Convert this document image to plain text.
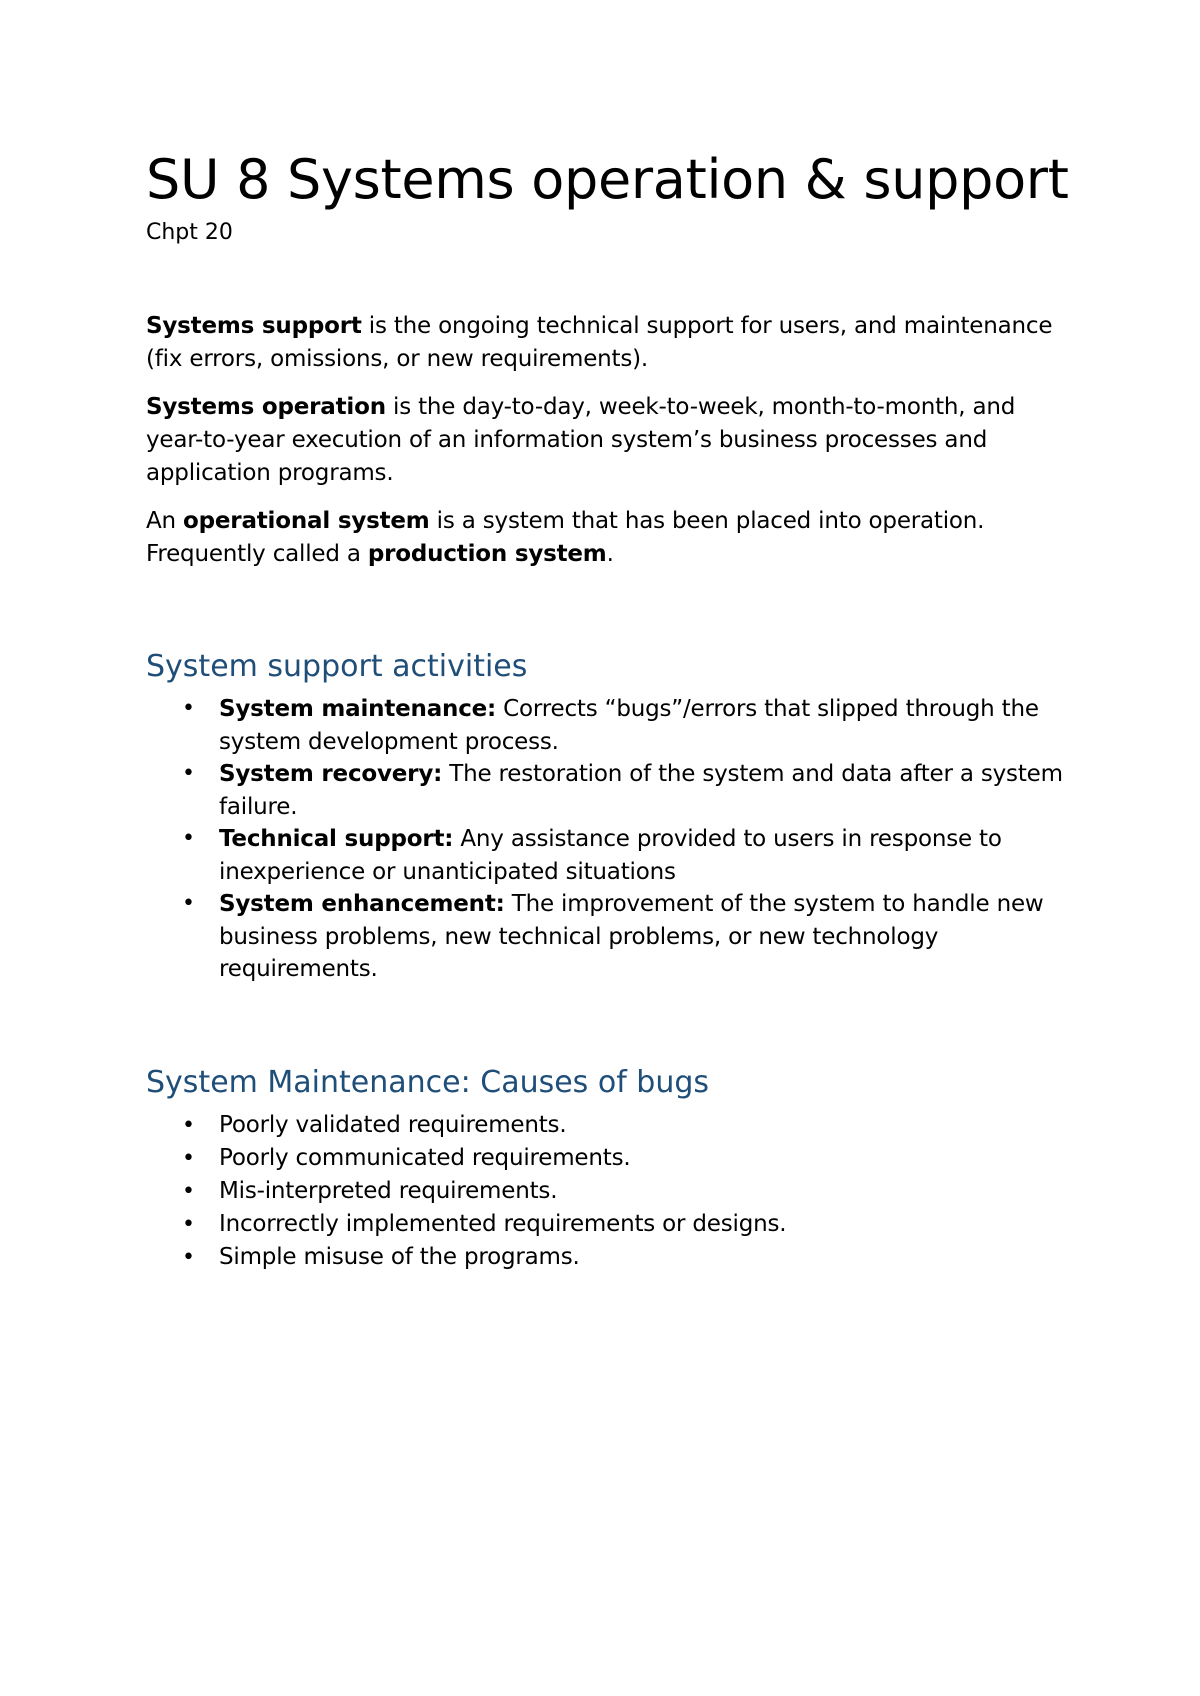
SU 8 Systems operation & support
Chpt 20

Systems support is the ongoing technical support for users, and maintenance (fix errors, omissions, or new requirements).

Systems operation is the day-to-day, week-to-week, month-to-month, and year-to-year execution of an information system’s business processes and application programs.

An operational system is a system that has been placed into operation. Frequently called a production system.

System support activities
• System maintenance: Corrects “bugs”/errors that slipped through the system development process.
• System recovery: The restoration of the system and data after a system failure.
• Technical support: Any assistance provided to users in response to inexperience or unanticipated situations
• System enhancement: The improvement of the system to handle new business problems, new technical problems, or new technology requirements.
System Maintenance: Causes of bugs
• Poorly validated requirements.
• Poorly communicated requirements.
• Mis-interpreted requirements.
• Incorrectly implemented requirements or designs.
• Simple misuse of the programs.
